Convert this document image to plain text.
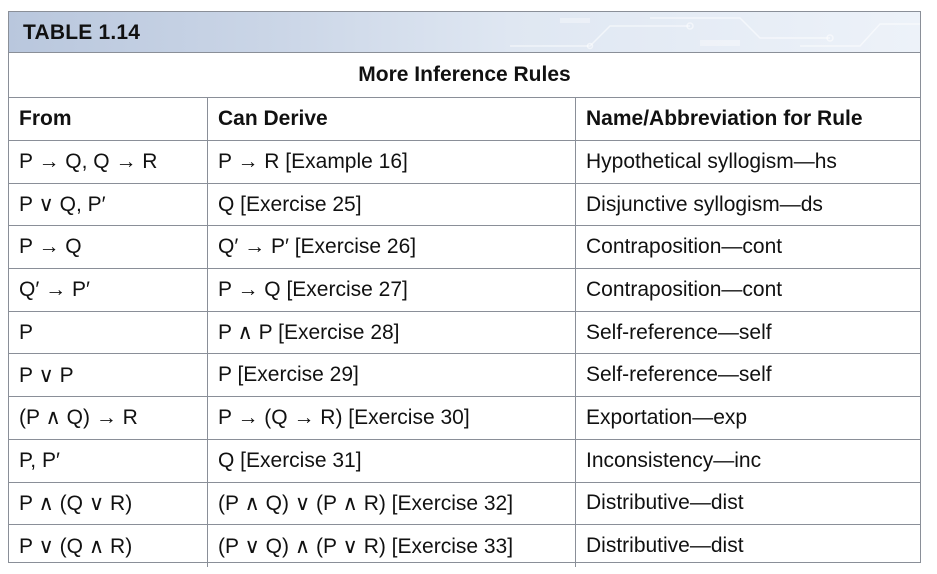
TABLE 1.14
More Inference Rules
From	Can Derive	Name/Abbreviation for Rule
P → Q, Q → R	P → R [Example 16]	Hypothetical syllogism—hs
P ∨ Q, P′	Q [Exercise 25]	Disjunctive syllogism—ds
P → Q	Q′ → P′ [Exercise 26]	Contraposition—cont
Q′ → P′	P → Q [Exercise 27]	Contraposition—cont
P	P ∧ P [Exercise 28]	Self-reference—self
P ∨ P	P [Exercise 29]	Self-reference—self
(P ∧ Q) → R	P → (Q → R) [Exercise 30]	Exportation—exp
P, P′	Q [Exercise 31]	Inconsistency—inc
P ∧ (Q ∨ R)	(P ∧ Q) ∨ (P ∧ R) [Exercise 32]	Distributive—dist
P ∨ (Q ∧ R)	(P ∨ Q) ∧ (P ∨ R) [Exercise 33]	Distributive—dist
